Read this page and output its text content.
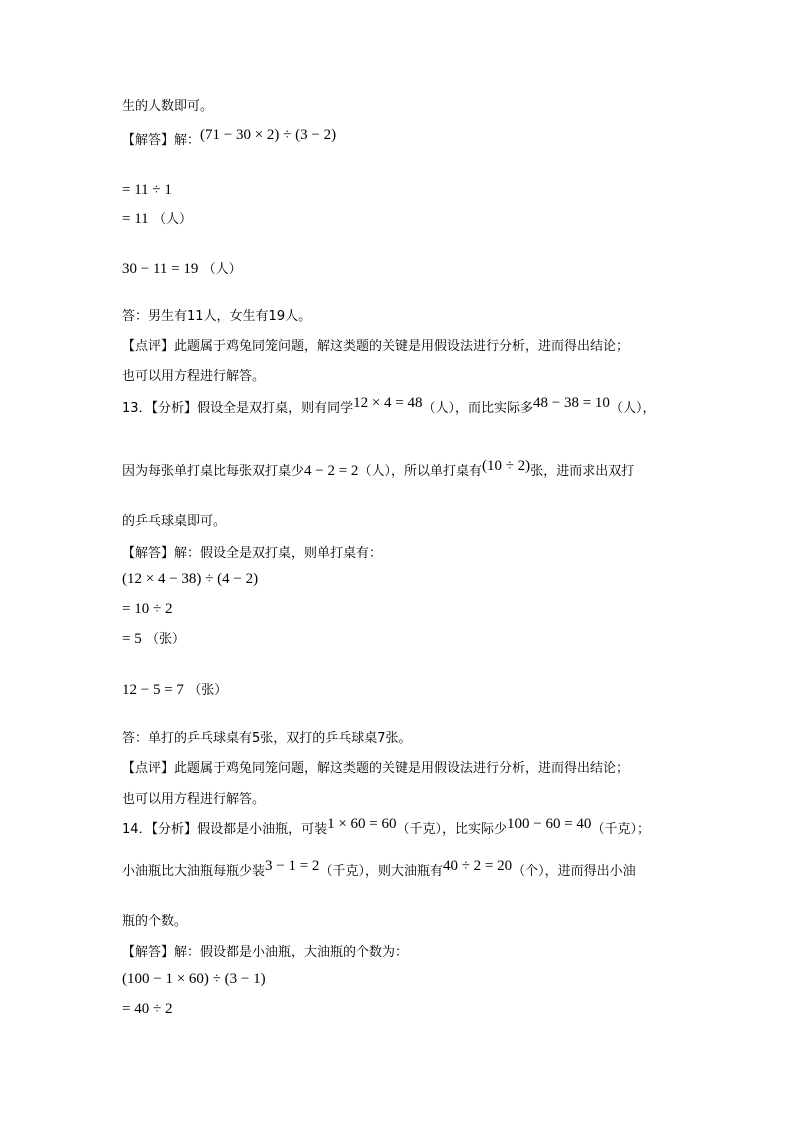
生的人数即可。
【解答】解：(71 − 30 × 2) ÷ (3 − 2)
= 11 ÷ 1
= 11 （人）
30 − 11 = 19 （人）
答：男生有11人，女生有19人。
【点评】此题属于鸡兔同笼问题，解这类题的关键是用假设法进行分析，进而得出结论；
也可以用方程进行解答。
13．【分析】假设全是双打桌，则有同学12 × 4 = 48（人），而比实际多48 − 38 = 10（人），
因为每张单打桌比每张双打桌少4 − 2 = 2（人），所以单打桌有(10 ÷ 2)张，进而求出双打
的乒乓球桌即可。
【解答】解：假设全是双打桌，则单打桌有：
(12 × 4 − 38) ÷ (4 − 2)
= 10 ÷ 2
= 5 （张）
12 − 5 = 7 （张）
答：单打的乒乓球桌有5张，双打的乒乓球桌7张。
【点评】此题属于鸡兔同笼问题，解这类题的关键是用假设法进行分析，进而得出结论；
也可以用方程进行解答。
14．【分析】假设都是小油瓶，可装1 × 60 = 60（千克），比实际少100 − 60 = 40（千克）；
小油瓶比大油瓶每瓶少装3 − 1 = 2（千克），则大油瓶有40 ÷ 2 = 20（个），进而得出小油
瓶的个数。
【解答】解：假设都是小油瓶，大油瓶的个数为：
(100 − 1 × 60) ÷ (3 − 1)
= 40 ÷ 2
